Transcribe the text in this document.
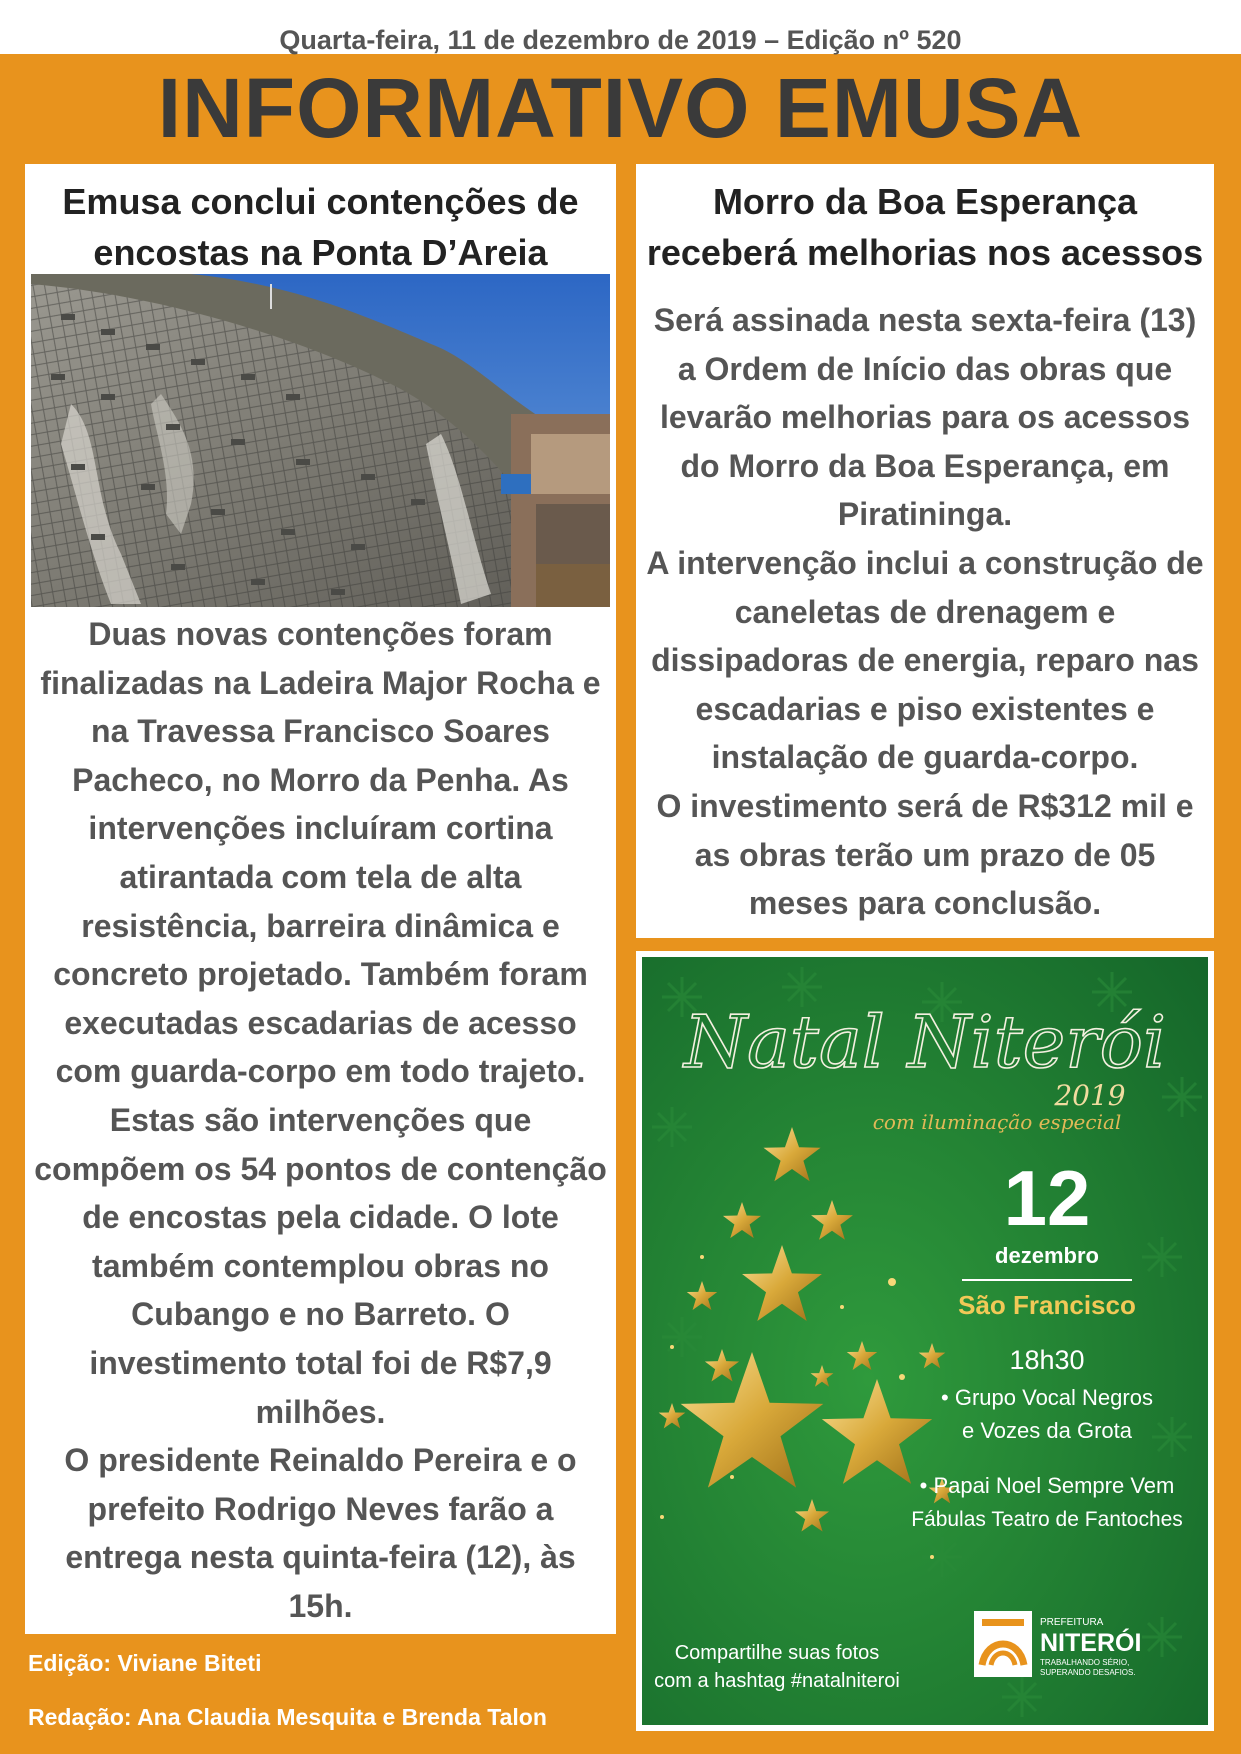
Quarta-feira, 11 de dezembro de 2019 – Edição nº 520
INFORMATIVO EMUSA
Emusa conclui contenções de encostas na Ponta D’Areia
Duas novas contenções foram finalizadas na Ladeira Major Rocha e na Travessa Francisco Soares Pacheco, no Morro da Penha. As intervenções incluíram cortina atirantada com tela de alta resistência, barreira dinâmica e concreto projetado. Também foram executadas escadarias de acesso com guarda-corpo em todo trajeto. Estas são intervenções que compõem os 54 pontos de contenção de encostas pela cidade. O lote também contemplou obras no Cubango e no Barreto. O investimento total foi de R$7,9 milhões.
O presidente Reinaldo Pereira e o prefeito Rodrigo Neves farão a entrega nesta quinta-feira (12), às 15h.
Morro da Boa Esperança receberá melhorias nos acessos
Será assinada nesta sexta-feira (13) a Ordem de Início das obras que levarão melhorias para os acessos do Morro da Boa Esperança, em Piratininga.
A intervenção inclui a construção de caneletas de drenagem e dissipadoras de energia, reparo nas escadarias e piso existentes e instalação de guarda-corpo.
O investimento será de R$312 mil e as obras terão um prazo de 05 meses para conclusão.
Natal Niterói
2019
com iluminação especial
12
dezembro
São Francisco
18h30
• Grupo Vocal Negros
e Vozes da Grota
• Papai Noel Sempre Vem
Fábulas Teatro de Fantoches
Compartilhe suas fotos
com a hashtag #natalniteroi
PREFEITURA
NITERÓI
TRABALHANDO SÉRIO,
SUPERANDO DESAFIOS.
Edição: Viviane Biteti
Redação: Ana Claudia Mesquita e Brenda Talon
